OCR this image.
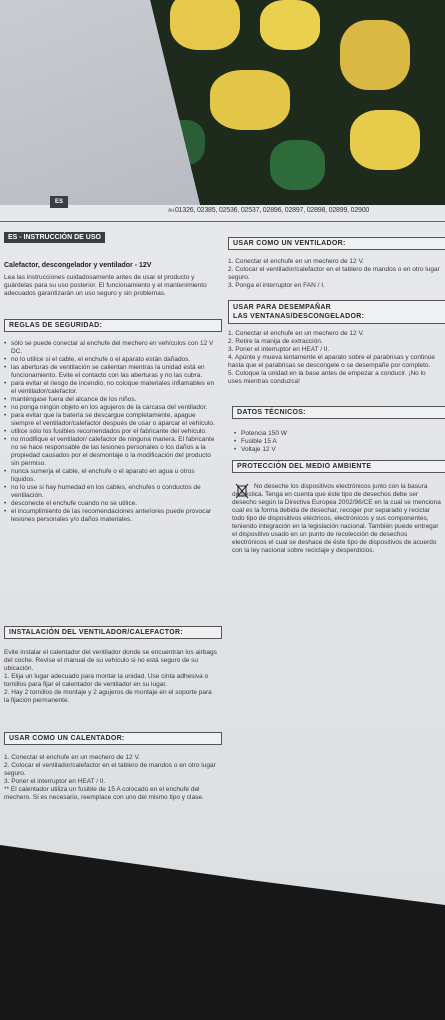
ES
Art.01326, 02385, 02536, 02537, 02896, 02897, 02898, 02899, 02900
ES - INSTRUCCIÓN DE USO
Calefactor, descongelador y ventilador - 12V

Lea las instrucciones cuidadosamente antes de usar el producto y guárdelas para su uso posterior. El funcionamiento y el mantenimiento adecuados garantizarán un uso seguro y sin problemas.

REGLAS DE SEGURIDAD:
• sólo se puede conectar al enchufe del mechero en vehículos con 12 V DC.
• no lo utilice si el cable, el enchufe o el aparato están dañados.
• las aberturas de ventilación se calientan mientras la unidad está en funcionamiento. Evite el contacto con las aberturas y no las cubra.
• para evitar el riesgo de incendio, no coloque materiales inflamables en el ventilador/calefactor.
• manténgase fuera del alcance de los niños.
• no ponga ningún objeto en los agujeros de la carcasa del ventilador.
• para evitar que la batería se descargue completamente, apague siempre el ventilador/calefactor después de usar o aparcar el vehículo.
• utilice sólo los fusibles recomendados por el fabricante del vehículo.
• no modifique el ventilador/ calefactor de ninguna manera. El fabricante no se hace responsable de las lesiones personales o los daños a la propiedad causados por el desmontaje o la modificación del producto sin permiso.
• nunca sumerja el cable, el enchufe o el aparato en agua u otros líquidos.
• no lo use si hay humedad en los cables, enchufes o conductos de ventilación.
• desconecte el enchufe cuando no se utilice.
• el incumplimiento de las recomendaciones anteriores puede provocar lesiones personales y/o daños materiales.
INSTALACIÓN DEL VENTILADOR/CALEFACTOR:

Evite instalar el calentador del ventilador donde se encuentran los airbags del coche. Revise el manual de su vehículo si no está seguro de su ubicación.

1. Elija un lugar adecuado para montar la unidad. Use cinta adhesiva o tornillos para fijar el calentador de ventilador en su lugar.

2. Hay 2 tornillos de montaje y 2 agujeros de montaje en el soporte para la fijación permanente.

USAR COMO UN CALENTADOR:

1. Conectar el enchufe en un mechero de 12 V.

2. Colocar el ventilador/calefactor en el tablero de mandos o en otro lugar seguro.

3. Poner el interruptor en HEAT / II.

** El calentador utiliza un fusible de 15 A colocado en el enchufe del mechero. Si es necesario, reemplace con uno del mismo tipo y clase.

USAR COMO UN VENTILADOR:

1. Conectar el enchufe en un mechero de 12 V.

2. Colocar el ventilador/calefactor en el tablero de mandos o en otro lugar seguro.

3. Ponga el interruptor en FAN / I.

USAR PARA DESEMPAÑAR
LAS VENTANAS/DESCONGELADOR:

1. Conectar el enchufe en un mechero de 12 V.

2. Retire la manija de extracción.

3. Poner el interruptor en HEAT / II.

4. Apúnte y mueva lentamente el aparato sobre el parabrisas y continúe hasta que el parabrisas se descongele o se desempañe por completo.

5. Coloque la unidad en la base antes de empezar a conducir. ¡No lo uses mientras conduzca!

DATOS TÉCNICOS:
• Potencia 150 W
• Fusible 15 A
• Voltaje 12 V
PROTECCIÓN DEL MEDIO AMBIENTE

No deseche los dispositivos electrónicos junto con la basura doméstica. Tenga en cuenta que éste tipo de desechos debe ser desecho según la Directiva Europea 2002/96/CE en la cual se menciona cual es la forma debida de desechar, recoger por separado y reciclar todo tipo de dispositivos eléctricos, electrónicos y sus componentes, teniendo integración en la legislación nacional. También puede entregar el dispositivo usado en un punto de recolección de desechos electrónicos el cual se deshace de éste tipo de dispositivos de acuerdo con la ley nacional sobre reciclaje y desperdicios.
